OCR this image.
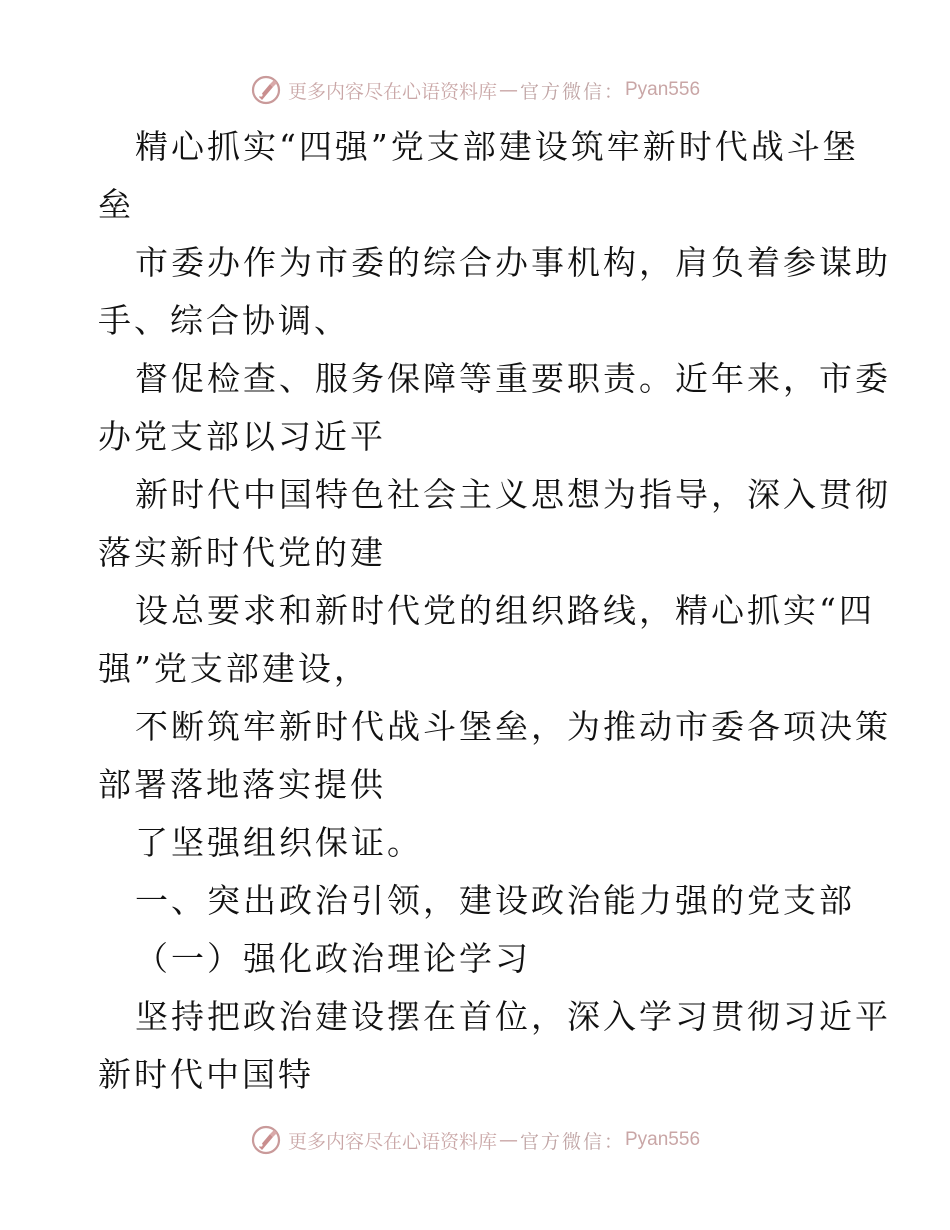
更多内容尽在心语资料库 — 官方微信： Pyan556
精心抓实“四强”党支部建设筑牢新时代战斗堡
垒
市委办作为市委的综合办事机构，肩负着参谋助
手、综合协调、
督促检查、服务保障等重要职责。近年来，市委
办党支部以习近平
新时代中国特色社会主义思想为指导，深入贯彻
落实新时代党的建
设总要求和新时代党的组织路线，精心抓实“四
强”党支部建设，
不断筑牢新时代战斗堡垒，为推动市委各项决策
部署落地落实提供
了坚强组织保证。
一、突出政治引领，建设政治能力强的党支部
（一）强化政治理论学习
坚持把政治建设摆在首位，深入学习贯彻习近平
新时代中国特
更多内容尽在心语资料库 — 官方微信： Pyan556
